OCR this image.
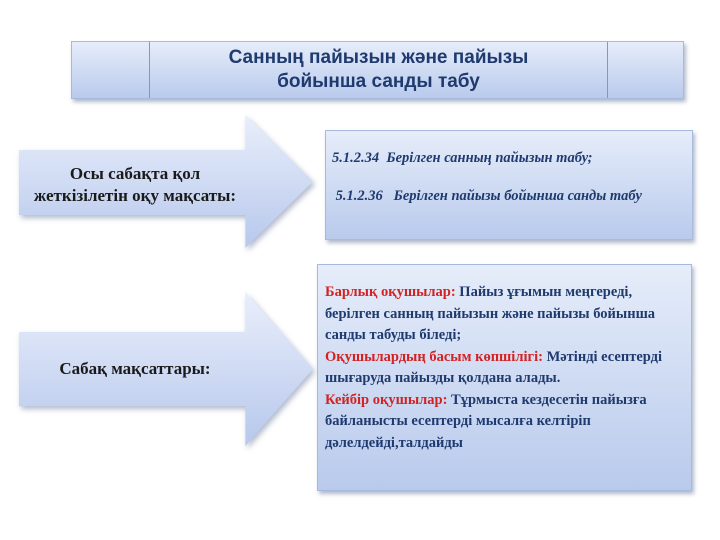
Санның пайызын және пайызы
бойынша санды табу
Осы сабақта қол
жеткізілетін оқу мақсаты:
5.1.2.34  Берілген санның пайызын табу;
5.1.2.36   Берілген пайызы бойынша санды табу
Сабақ мақсаттары:

Барлық оқушылар: Пайыз ұғымын меңгереді, берілген санның пайызын және пайызы бойынша санды табуды біледі;

Оқушылардың басым көпшілігі: Мәтінді есептерді шығаруда пайызды қолдана алады.

Кейбір оқушылар: Тұрмыста кездесетін пайызға байланысты есептерді мысалға келтіріп дәлелдейді,талдайды
